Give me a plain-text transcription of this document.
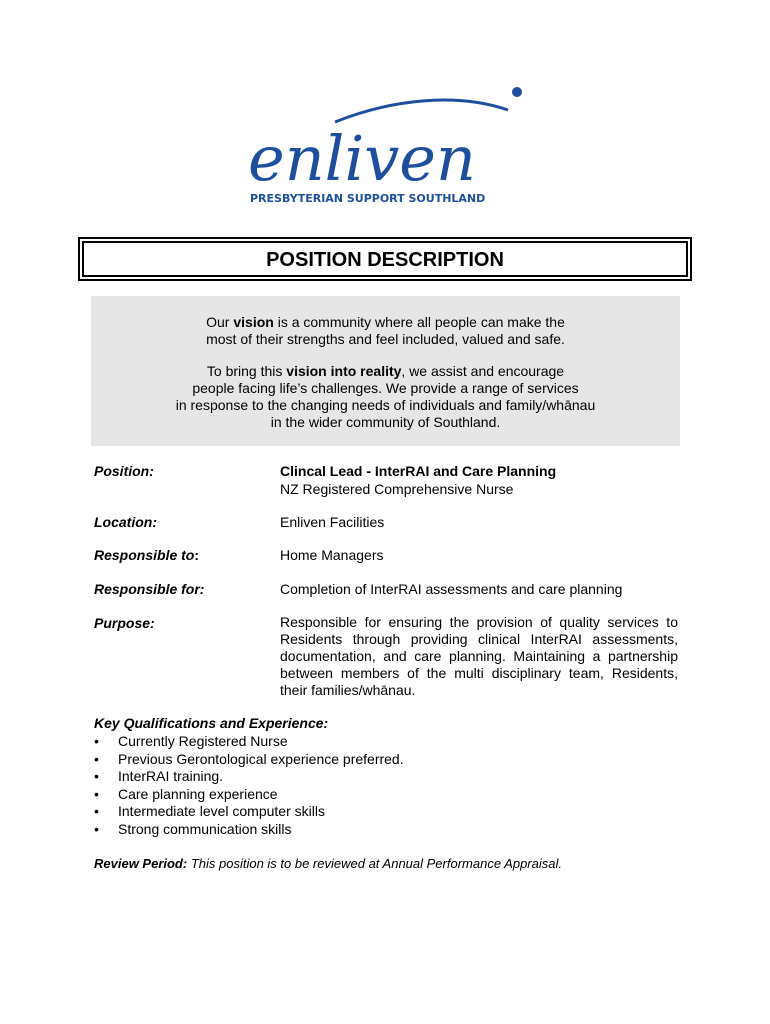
enliven
PRESBYTERIAN SUPPORT SOUTHLAND
POSITION DESCRIPTION

Our vision is a community where all people can make the
most of their strengths and feel included, valued and safe.

To bring this vision into reality, we assist and encourage
people facing life’s challenges. We provide a range of services
in response to the changing needs of individuals and family/whānau
in the wider community of Southland.

Position:	Clincal Lead - InterRAI and Care Planning
NZ Registered Comprehensive Nurse
Location:	Enliven Facilities
Responsible to:	Home Managers
Responsible for:	Completion of InterRAI assessments and care planning
Purpose:	Responsible for ensuring the provision of quality services to Residents through providing clinical InterRAI assessments, documentation, and care planning. Maintaining a partnership between members of the multi disciplinary team, Residents, their families/whānau.
Key Qualifications and Experience:
• Currently Registered Nurse
• Previous Gerontological experience preferred.
• InterRAI training.
• Care planning experience
• Intermediate level computer skills
• Strong communication skills
Review Period: This position is to be reviewed at Annual Performance Appraisal.
